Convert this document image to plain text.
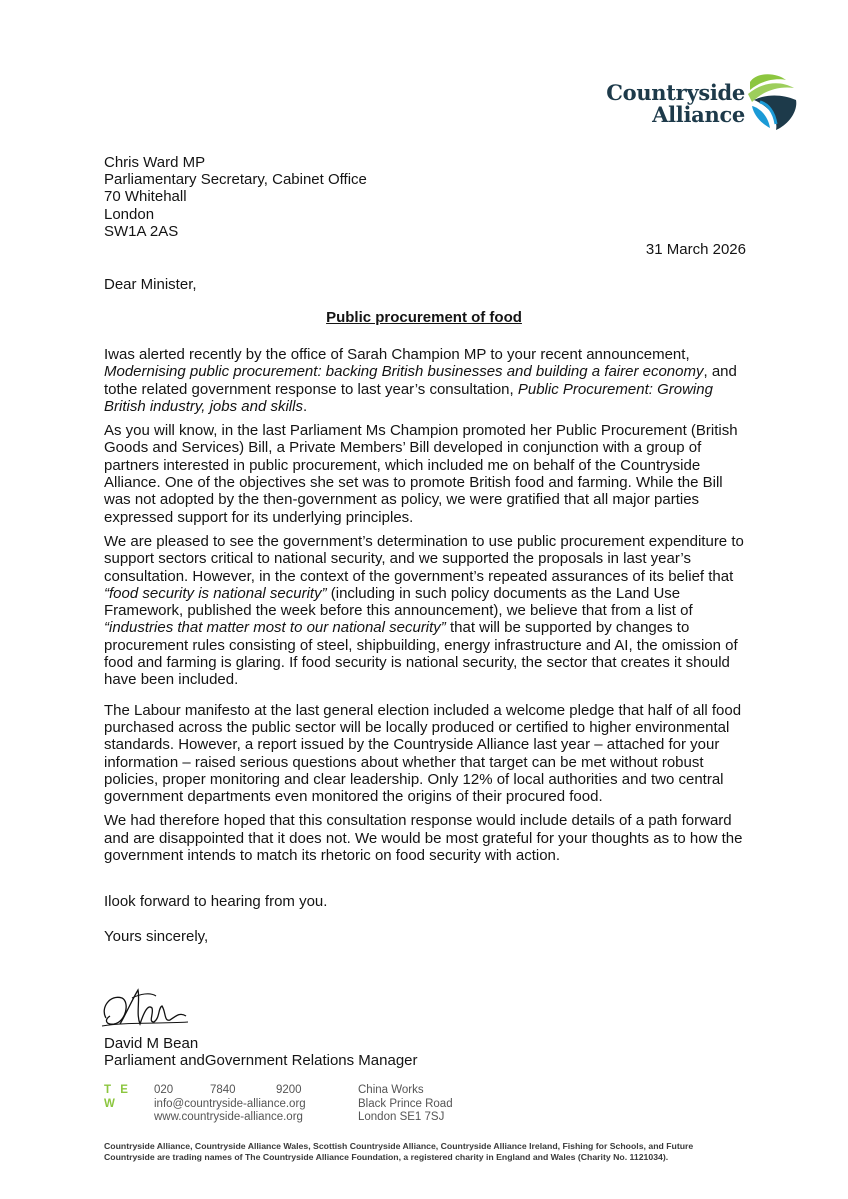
Countryside
Alliance
Chris Ward MP
Parliamentary Secretary, Cabinet Office
70 Whitehall
London
SW1A 2AS
31 March 2026
Dear Minister,
Public procurement of food

Iwas alerted recently by the office of Sarah Champion MP to your recent announcement, Modernising public procurement: backing British businesses and building a fairer economy, and tothe related government response to last year’s consultation, Public Procurement: Growing British industry, jobs and skills.

As you will know, in the last Parliament Ms Champion promoted her Public Procurement (British Goods and Services) Bill, a Private Members’ Bill developed in conjunction with a group of partners interested in public procurement, which included me on behalf of the Countryside Alliance. One of the objectives she set was to promote British food and farming. While the Bill was not adopted by the then-government as policy, we were gratified that all major parties expressed support for its underlying principles.

We are pleased to see the government’s determination to use public procurement expenditure to support sectors critical to national security, and we supported the proposals in last year’s consultation. However, in the context of the government’s repeated assurances of its belief that “food security is national security” (including in such policy documents as the Land Use Framework, published the week before this announcement), we believe that from a list of “industries that matter most to our national security” that will be supported by changes to procurement rules consisting of steel, shipbuilding, energy infrastructure and AI, the omission of food and farming is glaring. If food security is national security, the sector that creates it should have been included.

The Labour manifesto at the last general election included a welcome pledge that half of all food purchased across the public sector will be locally produced or certified to higher environmental standards. However, a report issued by the Countryside Alliance last year – attached for your information – raised serious questions about whether that target can be met without robust policies, proper monitoring and clear leadership. Only 12% of local authorities and two central government departments even monitored the origins of their procured food.

We had therefore hoped that this consultation response would include details of a path forward and are disappointed that it does not. We would be most grateful for your thoughts as to how the government intends to match its rhetoric on food security with action.

Ilook forward to hearing from you.
Yours sincerely,
David M Bean
Parliament andGovernment Relations Manager
T E
W
020	7840	9200
info@countryside-alliance.org
www.countryside-alliance.org
China Works
Black Prince Road
London SE1 7SJ
Countryside Alliance, Countryside Alliance Wales, Scottish Countryside Alliance, Countryside Alliance Ireland, Fishing for Schools, and Future Countryside are trading names of The Countryside Alliance Foundation, a registered charity in England and Wales (Charity No. 1121034).
